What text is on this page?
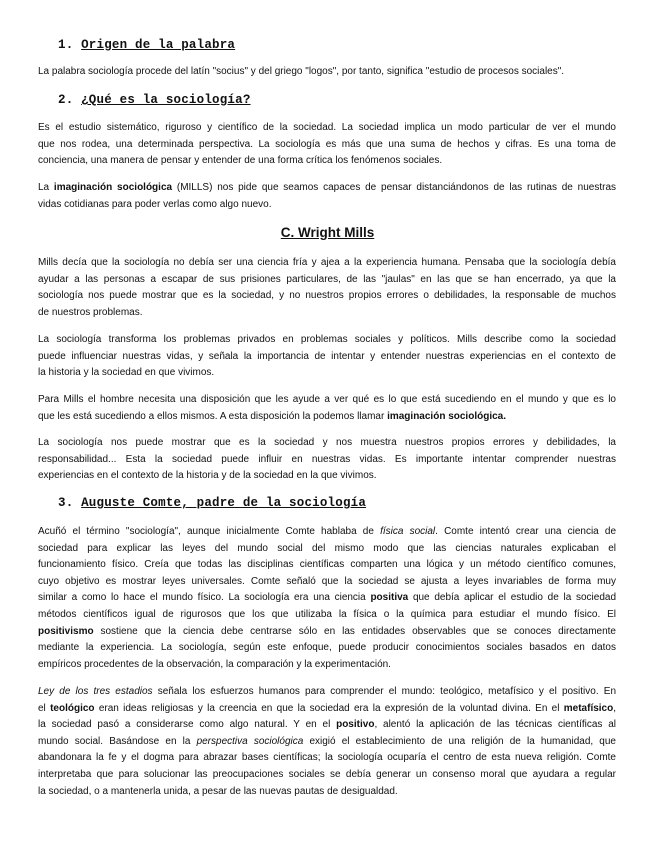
1. Origen de la palabra
La palabra sociología procede del latín "socius" y del griego "logos", por tanto, significa "estudio de procesos sociales".
2. ¿Qué es la sociología?
Es el estudio sistemático, riguroso y científico de la sociedad. La sociedad implica un modo particular de ver el mundo
que nos rodea, una determinada perspectiva. La sociología es más que una suma de hechos y cifras. Es una toma de
conciencia, una manera de pensar y entender de una forma crítica los fenómenos sociales.
La imaginación sociológica (MILLS) nos pide que seamos capaces de pensar distanciándonos de las rutinas de nuestras
vidas cotidianas para poder verlas como algo nuevo.
C. Wright Mills
Mills decía que la sociología no debía ser una ciencia fría y ajea a la experiencia humana. Pensaba que la sociología debía
ayudar a las personas a escapar de sus prisiones particulares, de las "jaulas" en las que se han encerrado, ya que la
sociología nos puede mostrar que es la sociedad, y no nuestros propios errores o debilidades, la responsable de muchos
de nuestros problemas.
La sociología transforma los problemas privados en problemas sociales y políticos. Mills describe como la sociedad
puede influenciar nuestras vidas, y señala la importancia de intentar y entender nuestras experiencias en el contexto de
la historia y la sociedad en que vivimos.
Para Mills el hombre necesita una disposición que les ayude a ver qué es lo que está sucediendo en el mundo y que es lo
que les está sucediendo a ellos mismos. A esta disposición la podemos llamar imaginación sociológica.
La sociología nos puede mostrar que es la sociedad y nos muestra nuestros propios errores y debilidades, la
responsabilidad... Esta la sociedad puede influir en nuestras vidas. Es importante intentar comprender nuestras
experiencias en el contexto de la historia y de la sociedad en la que vivimos.
3. Auguste Comte, padre de la sociología
Acuñó el término "sociología", aunque inicialmente Comte hablaba de física social. Comte intentó crear una ciencia de
sociedad para explicar las leyes del mundo social del mismo modo que las ciencias naturales explicaban el
funcionamiento físico. Creía que todas las disciplinas científicas comparten una lógica y un método científico comunes,
cuyo objetivo es mostrar leyes universales. Comte señaló que la sociedad se ajusta a leyes invariables de forma muy
similar a como lo hace el mundo físico. La sociología era una ciencia positiva que debía aplicar el estudio de la sociedad
métodos científicos igual de rigurosos que los que utilizaba la física o la química para estudiar el mundo físico. El
positivismo sostiene que la ciencia debe centrarse sólo en las entidades observables que se conoces directamente
mediante la experiencia. La sociología, según este enfoque, puede producir conocimientos sociales basados en datos
empíricos procedentes de la observación, la comparación y la experimentación.
Ley de los tres estadios señala los esfuerzos humanos para comprender el mundo: teológico, metafísico y el positivo. En
el teológico eran ideas religiosas y la creencia en que la sociedad era la expresión de la voluntad divina. En el metafísico,
la sociedad pasó a considerarse como algo natural. Y en el positivo, alentó la aplicación de las técnicas científicas al
mundo social. Basándose en la perspectiva sociológica exigió el establecimiento de una religión de la humanidad, que
abandonara la fe y el dogma para abrazar bases científicas; la sociología ocuparía el centro de esta nueva religión. Comte
interpretaba que para solucionar las preocupaciones sociales se debía generar un consenso moral que ayudara a regular
la sociedad, o a mantenerla unida, a pesar de las nuevas pautas de desigualdad.
